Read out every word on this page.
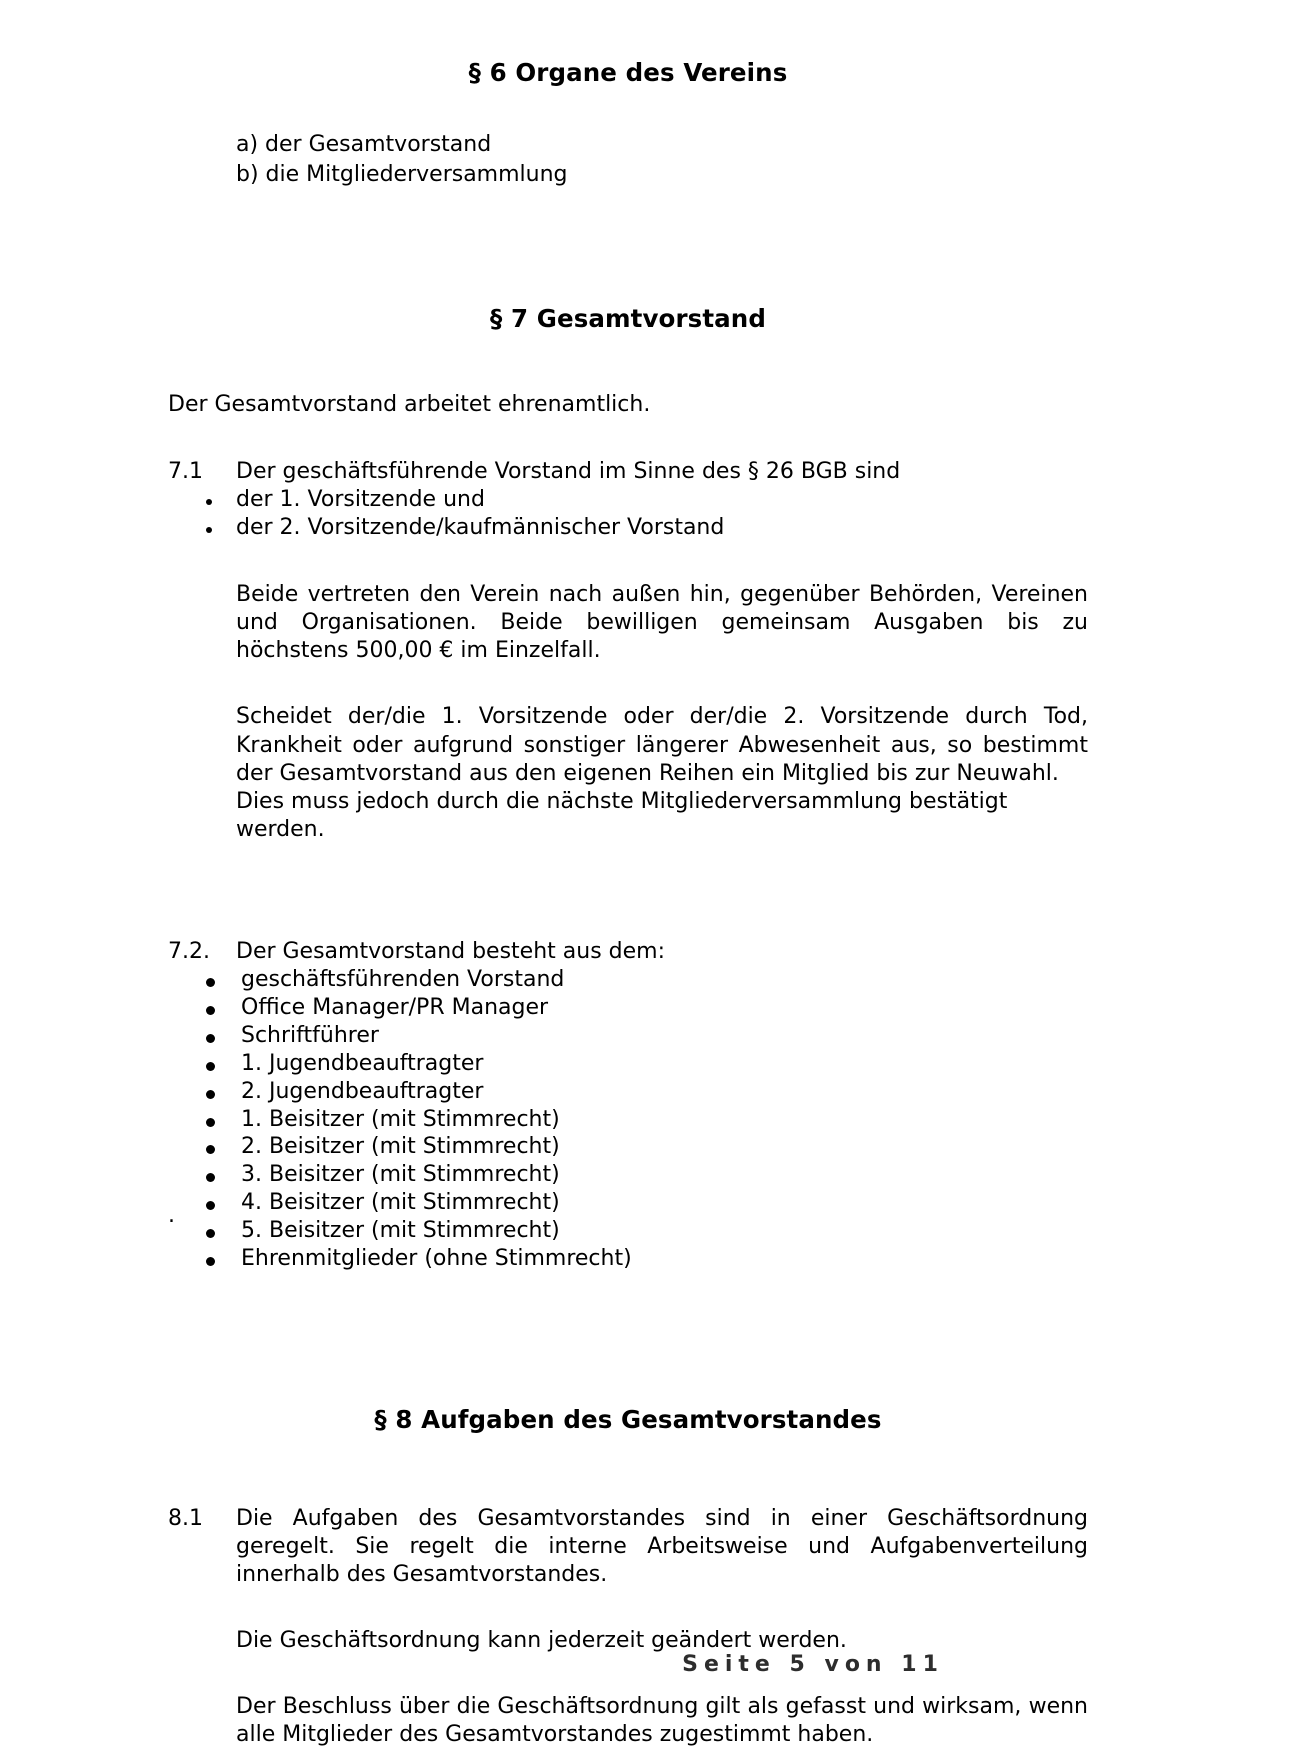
§ 6 Organe des Vereins
a) der Gesamtvorstand
b) die Mitgliederversammlung
§ 7 Gesamtvorstand

Der Gesamtvorstand arbeitet ehrenamtlich.

7.1 Der geschäftsführende Vorstand im Sinne des § 26 BGB sind
der 1. Vorsitzende und
der 2. Vorsitzende/kaufmännischer Vorstand
Beide vertreten den Verein nach außen hin, gegenüber Behörden, Vereinen und Organisationen. Beide bewilligen gemeinsam Ausgaben bis zu höchstens 500,00 € im Einzelfall.
Scheidet der/die 1. Vorsitzende oder der/die 2. Vorsitzende durch Tod, Krankheit oder aufgrund sonstiger längerer Abwesenheit aus, so bestimmt der Gesamtvorstand aus den eigenen Reihen ein Mitglied bis zur Neuwahl.
Dies muss jedoch durch die nächste Mitgliederversammlung bestätigt werden.
7.2. Der Gesamtvorstand besteht aus dem:
geschäftsführenden Vorstand
Office Manager/PR Manager
Schriftführer
1. Jugendbeauftragter
2. Jugendbeauftragter
1. Beisitzer (mit Stimmrecht)
2. Beisitzer (mit Stimmrecht)
3. Beisitzer (mit Stimmrecht)
4. Beisitzer (mit Stimmrecht)
5. Beisitzer (mit Stimmrecht)
Ehrenmitglieder (ohne Stimmrecht)
§ 8 Aufgaben des Gesamtvorstandes
8.1 Die Aufgaben des Gesamtvorstandes sind in einer Geschäftsordnung geregelt. Sie regelt die interne Arbeitsweise und Aufgabenverteilung innerhalb des Gesamtvorstandes.
Die Geschäftsordnung kann jederzeit geändert werden.
Der Beschluss über die Geschäftsordnung gilt als gefasst und wirksam, wenn alle Mitglieder des Gesamtvorstandes zugestimmt haben.
.
Seite 5 von 11
